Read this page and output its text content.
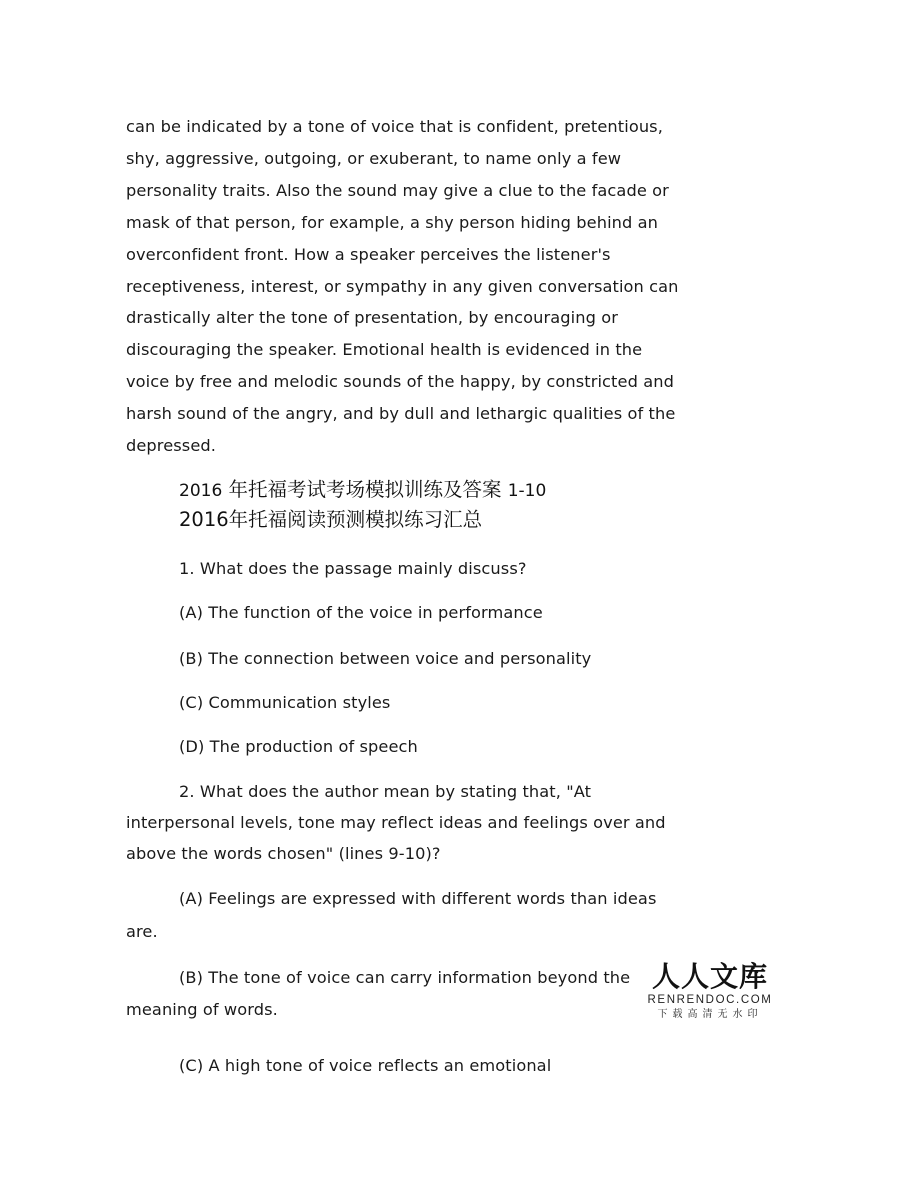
can be indicated by a tone of voice that is confident, pretentious,
shy, aggressive, outgoing, or exuberant, to name only a few
personality traits. Also the sound may give a clue to the facade or
mask of that person, for example, a shy person hiding behind an
overconfident front. How a speaker perceives the listener's
receptiveness, interest, or sympathy in any given conversation can
drastically alter the tone of presentation, by encouraging or
discouraging the speaker. Emotional health is evidenced in the
voice by free and melodic sounds of the happy, by constricted and
harsh sound of the angry, and by dull and lethargic qualities of the
depressed.
2016 年托福考试考场模拟训练及答案 1-10
2016年托福阅读预测模拟练习汇总
1. What does the passage mainly discuss?
(A) The function of the voice in performance
(B) The connection between voice and personality
(C) Communication styles
(D) The production of speech
2. What does the author mean by stating that, "At
interpersonal levels, tone may reflect ideas and feelings over and
above the words chosen" (lines 9-10)?
(A) Feelings are expressed with different words than ideas
are.
(B) The tone of voice can carry information beyond the
meaning of words.
(C) A high tone of voice reflects an emotional
人人文库
RENRENDOC.COM
下载高清无水印
